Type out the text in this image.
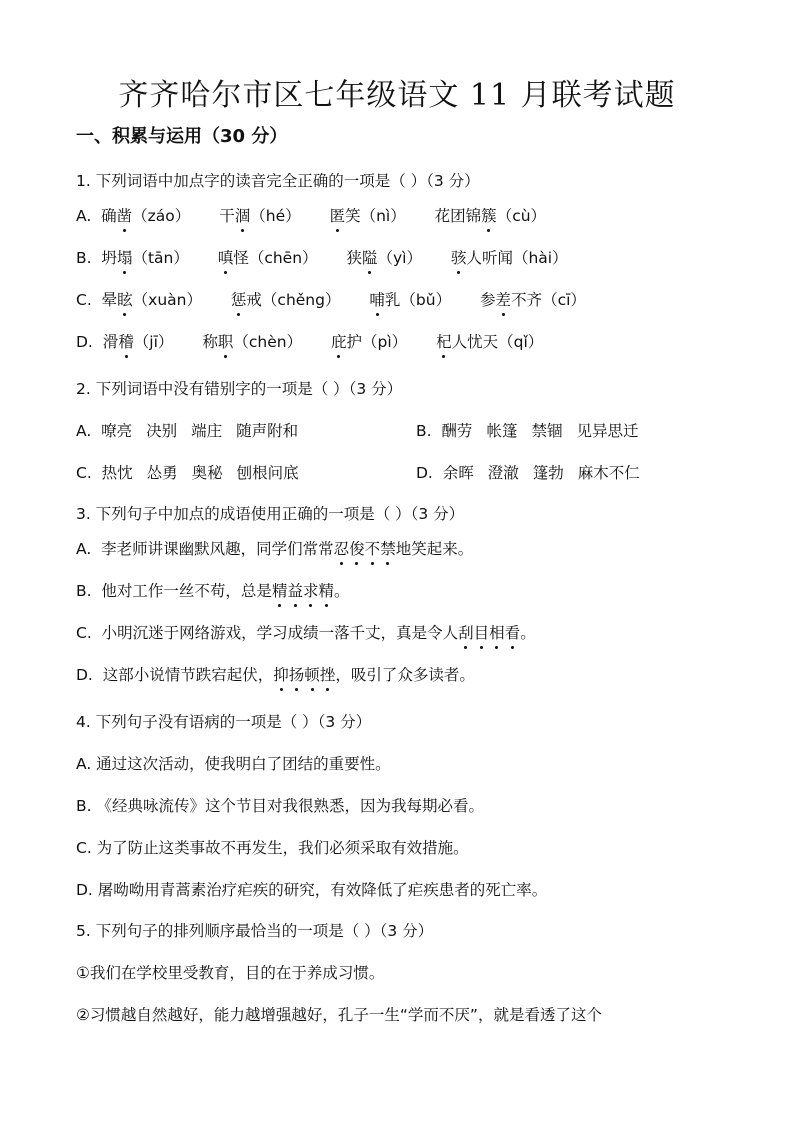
齐齐哈尔市区七年级语文 11 月联考试题
一、积累与运用（30 分）
1. 下列词语中加点字的读音完全正确的一项是（ ）（3 分）
A. 确凿（záo） 干涸（hé） 匿笑（nì） 花团锦簇（cù）
B. 坍塌（tān） 嗔怪（chēn） 狭隘（yì） 骇人听闻（hài）
C. 晕眩（xuàn） 惩戒（chěng） 哺乳（bǔ） 参差不齐（cī）
D. 滑稽（jī） 称职（chèn） 庇护（pì） 杞人忧天（qǐ）
2. 下列词语中没有错别字的一项是（ ）（3 分）
A. 嘹亮 决别 端庄 随声附和	B. 酬劳 帐篷 禁锢 见异思迁
C. 热忱 怂勇 奥秘 刨根问底	D. 余晖 澄澈 篷勃 麻木不仁
3. 下列句子中加点的成语使用正确的一项是（ ）（3 分）
A. 李老师讲课幽默风趣，同学们常常忍俊不禁地笑起来。
B. 他对工作一丝不苟，总是精益求精。
C. 小明沉迷于网络游戏，学习成绩一落千丈，真是令人刮目相看。
D. 这部小说情节跌宕起伏，抑扬顿挫，吸引了众多读者。
4. 下列句子没有语病的一项是（ ）（3 分）
A. 通过这次活动，使我明白了团结的重要性。
B. 《经典咏流传》这个节目对我很熟悉，因为我每期必看。
C. 为了防止这类事故不再发生，我们必须采取有效措施。
D. 屠呦呦用青蒿素治疗疟疾的研究，有效降低了疟疾患者的死亡率。
5. 下列句子的排列顺序最恰当的一项是（ ）（3 分）
①我们在学校里受教育，目的在于养成习惯。
②习惯越自然越好，能力越增强越好，孔子一生“学而不厌”，就是看透了这个
